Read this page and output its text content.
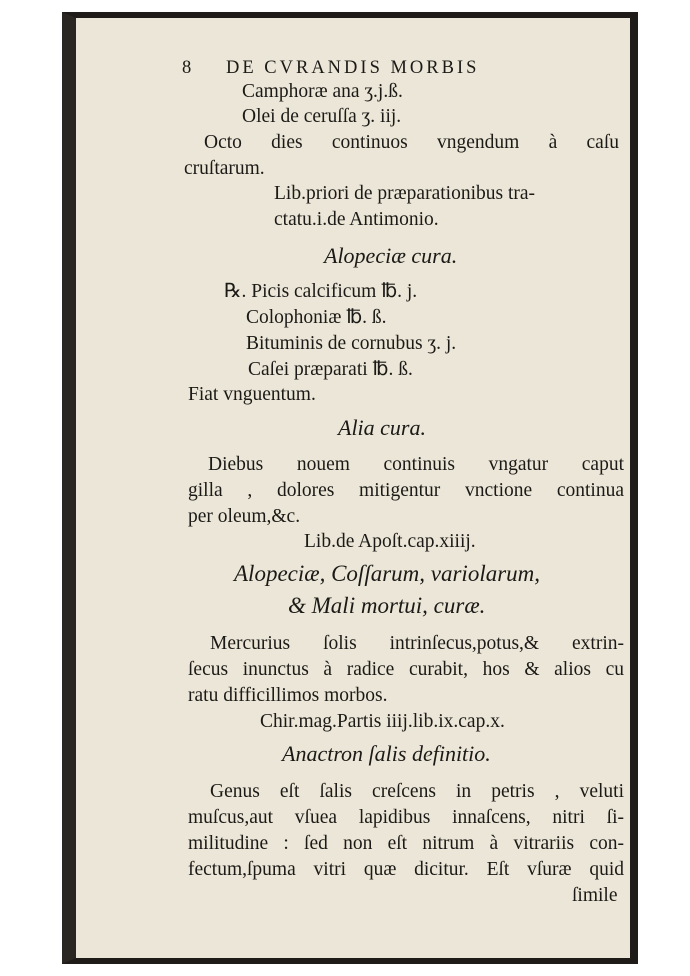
8 DE CVRANDIS MORBIS
Camphoræ ana ʒ.j.ß.
Olei de ceruſſa ʒ. iij.
Octo dies continuos vngendum à caſu
cruſtarum.
Lib.priori de præparationibus tra-
ctatu.i.de Antimonio.
Alopeciæ cura.
℞. Picis calcificum ℔. j.
Colophoniæ ℔. ß.
Bituminis de cornubus ʒ. j.
Caſei præparati ℔. ß.
Fiat vnguentum.
Alia cura.
Diebus nouem continuis vngatur caput
gilla , dolores mitigentur vnctione continua
per oleum,&c.
Lib.de Apoſt.cap.xiiij.
Alopeciæ, Coſſarum, variolarum,
& Mali mortui, curæ.
Mercurius ſolis intrinſecus,potus,& extrin-
ſecus inunctus à radice curabit, hos & alios cu
ratu difficillimos morbos.
Chir.mag.Partis iiij.lib.ix.cap.x.
Anactron ſalis definitio.
Genus eſt ſalis creſcens in petris , veluti
muſcus,aut vſuea lapidibus innaſcens, nitri ſi-
militudine : ſed non eſt nitrum à vitrariis con-
fectum,ſpuma vitri quæ dicitur. Eſt vſuræ quid
ſimile
